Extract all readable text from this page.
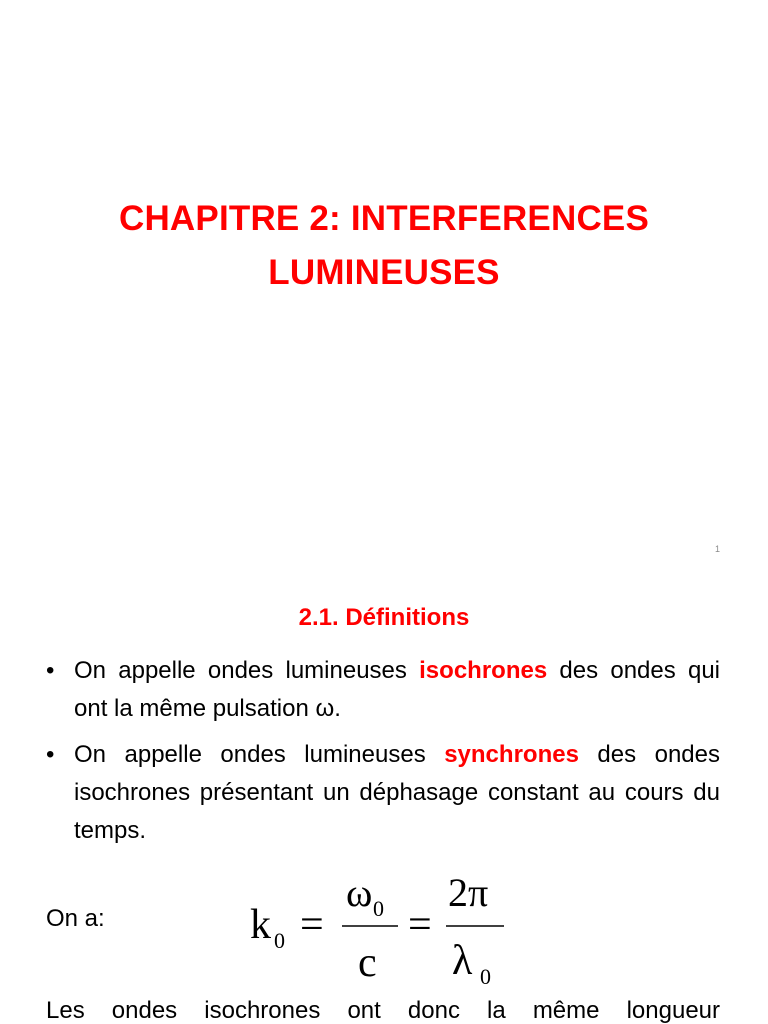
CHAPITRE 2: INTERFERENCES
LUMINEUSES
1
2.1. Définitions
• On appelle ondes lumineuses isochrones des ondes qui ont la même pulsation ω.
• On appelle ondes lumineuses synchrones des ondes isochrones présentant un déphasage constant au cours du temps.
On a:	k 0 =
ω 0
c
=
2π
λ 0
Les ondes isochrones ont donc la même longueur
